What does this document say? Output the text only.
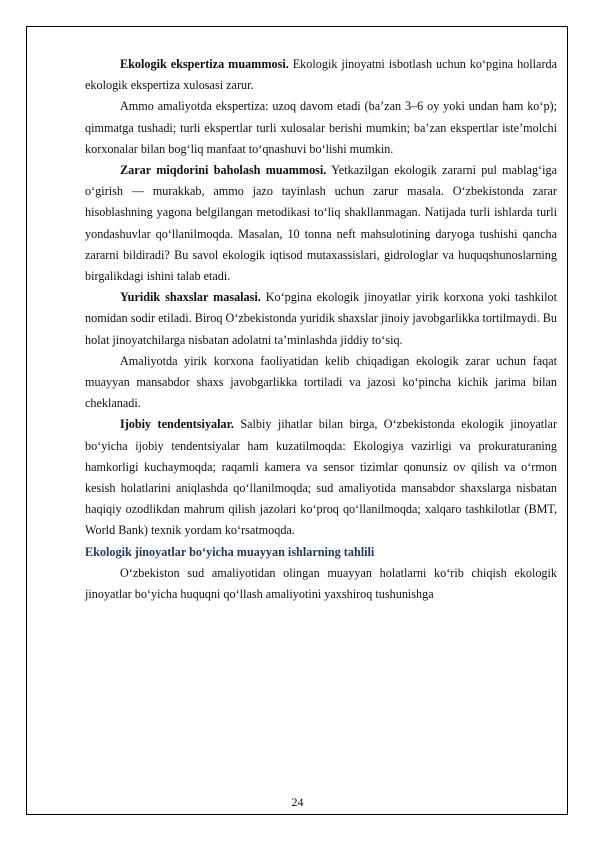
Ekologik ekspertiza muammosi. Ekologik jinoyatni isbotlash uchun ko‘pgina hollarda ekologik ekspertiza xulosasi zarur.

Ammo amaliyotda ekspertiza: uzoq davom etadi (ba’zan 3–6 oy yoki undan ham ko‘p); qimmatga tushadi; turli ekspertlar turli xulosalar berishi mumkin; ba’zan ekspertlar iste’molchi korxonalar bilan bog‘liq manfaat to‘qnashuvi bo‘lishi mumkin.

Zarar miqdorini baholash muammosi. Yetkazilgan ekologik zararni pul mablag‘iga o‘girish — murakkab, ammo jazo tayinlash uchun zarur masala. O‘zbekistonda zarar hisoblashning yagona belgilangan metodikasi to‘liq shakllanmagan. Natijada turli ishlarda turli yondashuvlar qo‘llanilmoqda. Masalan, 10 tonna neft mahsulotining daryoga tushishi qancha zararni bildiradi? Bu savol ekologik iqtisod mutaxassislari, gidrologlar va huquqshunoslarning birgalikdagi ishini talab etadi.

Yuridik shaxslar masalasi. Ko‘pgina ekologik jinoyatlar yirik korxona yoki tashkilot nomidan sodir etiladi. Biroq O‘zbekistonda yuridik shaxslar jinoiy javobgarlikka tortilmaydi. Bu holat jinoyatchilarga nisbatan adolatni ta’minlashda jiddiy to‘siq.

Amaliyotda yirik korxona faoliyatidan kelib chiqadigan ekologik zarar uchun faqat muayyan mansabdor shaxs javobgarlikka tortiladi va jazosi ko‘pincha kichik jarima bilan cheklanadi.

Ijobiy tendentsiyalar. Salbiy jihatlar bilan birga, O‘zbekistonda ekologik jinoyatlar bo‘yicha ijobiy tendentsiyalar ham kuzatilmoqda: Ekologiya vazirligi va prokuraturaning hamkorligi kuchaymoqda; raqamli kamera va sensor tizimlar qonunsiz ov qilish va o‘rmon kesish holatlarini aniqlashda qo‘llanilmoqda; sud amaliyotida mansabdor shaxslarga nisbatan haqiqiy ozodlikdan mahrum qilish jazolari ko‘proq qo‘llanilmoqda; xalqaro tashkilotlar (BMT, World Bank) texnik yordam ko‘rsatmoqda.

Ekologik jinoyatlar bo‘yicha muayyan ishlarning tahlili

O‘zbekiston sud amaliyotidan olingan muayyan holatlarni ko‘rib chiqish ekologik jinoyatlar bo‘yicha huquqni qo‘llash amaliyotini yaxshiroq tushunishga

24
